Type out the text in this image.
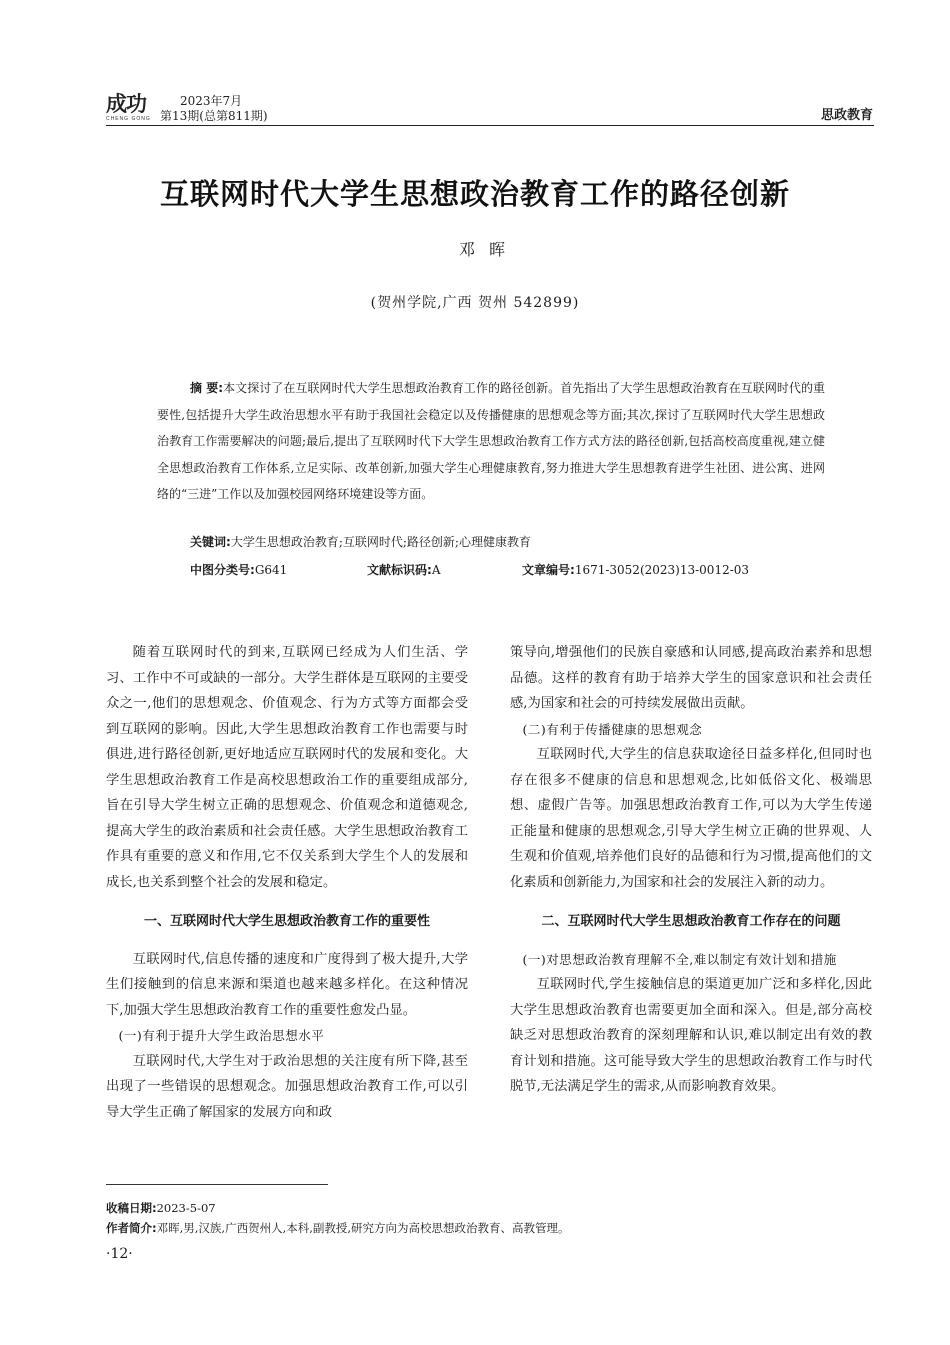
成功
CHENG GONG
2023年7月
第13期(总第811期)	思政教育
互联网时代大学生思想政治教育工作的路径创新
邓晖
(贺州学院,广西 贺州 542899)
摘 要:本文探讨了在互联网时代大学生思想政治教育工作的路径创新。首先指出了大学生思想政治教育在互联网时代的重要性,包括提升大学生政治思想水平有助于我国社会稳定以及传播健康的思想观念等方面;其次,探讨了互联网时代大学生思想政治教育工作需要解决的问题;最后,提出了互联网时代下大学生思想政治教育工作方式方法的路径创新,包括高校高度重视,建立健全思想政治教育工作体系,立足实际、改革创新,加强大学生心理健康教育,努力推进大学生思想教育进学生社团、进公寓、进网络的“三进”工作以及加强校园网络环境建设等方面。
关键词:大学生思想政治教育;互联网时代;路径创新;心理健康教育
中图分类号:G641	文献标识码:A	文章编号:1671-3052(2023)13-0012-03

随着互联网时代的到来,互联网已经成为人们生活、学习、工作中不可或缺的一部分。大学生群体是互联网的主要受众之一,他们的思想观念、价值观念、行为方式等方面都会受到互联网的影响。因此,大学生思想政治教育工作也需要与时俱进,进行路径创新,更好地适应互联网时代的发展和变化。大学生思想政治教育工作是高校思想政治工作的重要组成部分,旨在引导大学生树立正确的思想观念、价值观念和道德观念,提高大学生的政治素质和社会责任感。大学生思想政治教育工作具有重要的意义和作用,它不仅关系到大学生个人的发展和成长,也关系到整个社会的发展和稳定。

一、互联网时代大学生思想政治教育工作的重要性

互联网时代,信息传播的速度和广度得到了极大提升,大学生们接触到的信息来源和渠道也越来越多样化。在这种情况下,加强大学生思想政治教育工作的重要性愈发凸显。

(一)有利于提升大学生政治思想水平

互联网时代,大学生对于政治思想的关注度有所下降,甚至出现了一些错误的思想观念。加强思想政治教育工作,可以引导大学生正确了解国家的发展方向和政

策导向,增强他们的民族自豪感和认同感,提高政治素养和思想品德。这样的教育有助于培养大学生的国家意识和社会责任感,为国家和社会的可持续发展做出贡献。

(二)有利于传播健康的思想观念

互联网时代,大学生的信息获取途径日益多样化,但同时也存在很多不健康的信息和思想观念,比如低俗文化、极端思想、虚假广告等。加强思想政治教育工作,可以为大学生传递正能量和健康的思想观念,引导大学生树立正确的世界观、人生观和价值观,培养他们良好的品德和行为习惯,提高他们的文化素质和创新能力,为国家和社会的发展注入新的动力。

二、互联网时代大学生思想政治教育工作存在的问题

(一)对思想政治教育理解不全,难以制定有效计划和措施

互联网时代,学生接触信息的渠道更加广泛和多样化,因此大学生思想政治教育也需要更加全面和深入。但是,部分高校缺乏对思想政治教育的深刻理解和认识,难以制定出有效的教育计划和措施。这可能导致大学生的思想政治教育工作与时代脱节,无法满足学生的需求,从而影响教育效果。

收稿日期:2023-5-07
作者简介:邓晖,男,汉族,广西贺州人,本科,副教授,研究方向为高校思想政治教育、高教管理。
·12·
